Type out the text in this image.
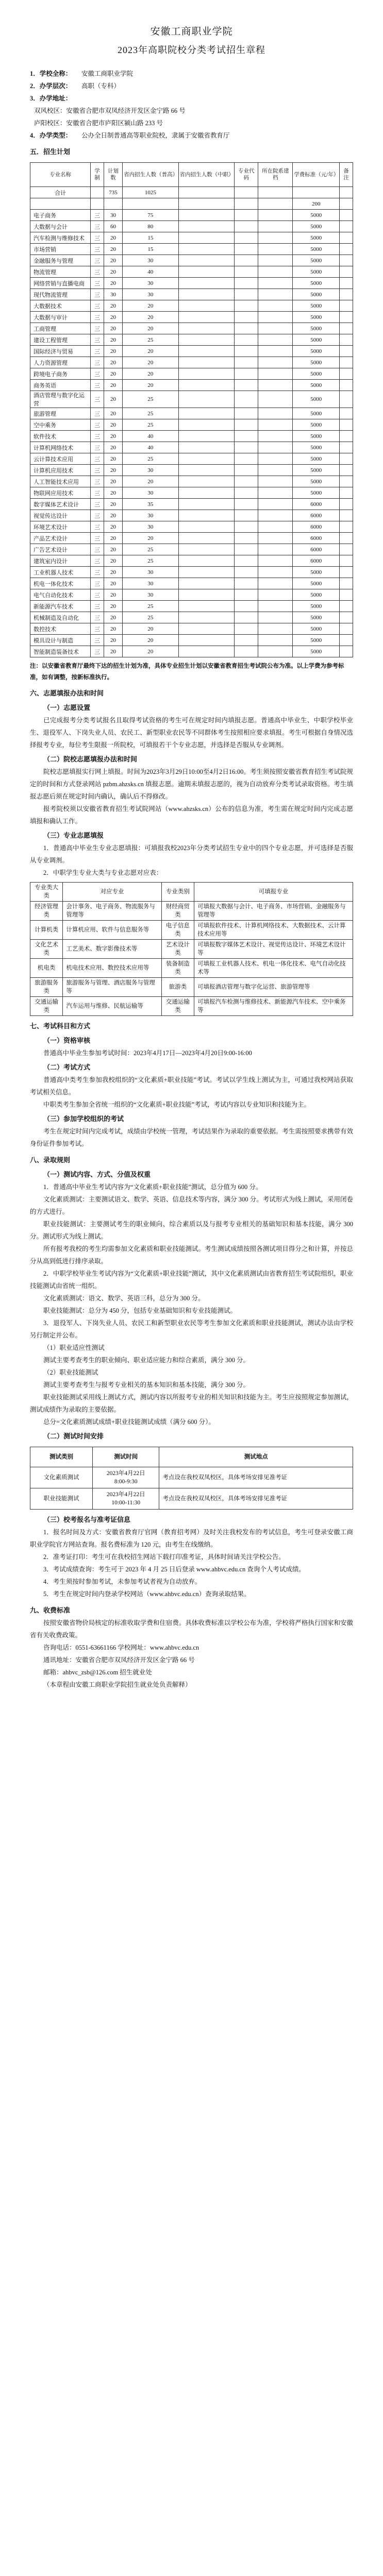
安徽工商职业学院
2023年高职院校分类考试招生章程
1．学校全称：	安徽工商职业学院
2．办学层次：	高职（专科）
3．办学地址：
双风校区：安徽省合肥市双凤经济开发区金宁路 66 号
庐阳校区：安徽省合肥市庐阳区颍山路 233 号
4．办学类型：	公办全日制普通高等职业院校，隶属于安徽省教育厅
五．招生计划
专业名称	学制	计划数	省内招生人数（普高）	省内招生人数（中职）	专业代码	所在院系建档	学费标准（元/年）	备注
合计		735	1025					
							200	
电子商务	三	30	75				5000	
大数据与会计	三	60	80				5000	
汽车检测与维修技术	三	20	15				5000	
市场营销	三	20	15				5000	
金融服务与管理	三	20	30				5000	
物流管理	三	20	40				5000	
网络营销与直播电商	三	20	30				5000	
现代物流管理	三	30	30				5000	
大数据技术	三	20	20				5000	
大数据与审计	三	20	20				5000	
工商管理	三	20	20				5000	
建设工程管理	三	20	25				5000	
国际经济与贸易	三	20	20				5000	
人力资源管理	三	20	20				5000	
跨境电子商务	三	20	20				5000	
商务英语	三	20	20				5000	
酒店管理与数字化运营	三	20	25				5000	
旅游管理	三	20	25				5000	
空中乘务	三	20	25				5000	
软件技术	三	20	40				5000	
计算机网络技术	三	20	40				5000	
云计算技术应用	三	20	25				5000	
计算机应用技术	三	20	30				5000	
人工智能技术应用	三	20	20				5000	
物联网应用技术	三	20	30				5000	
数字媒体艺术设计	三	20	35				6000	
视觉传达设计	三	20	30				6000	
环境艺术设计	三	20	30				6000	
产品艺术设计	三	20	20				6000	
广告艺术设计	三	20	25				6000	
建筑室内设计	三	20	25				6000	
工业机器人技术	三	20	30				5000	
机电一体化技术	三	20	30				5000	
电气自动化技术	三	20	30				5000	
新能源汽车技术	三	20	25				5000	
机械制造及自动化	三	20	25				5000	
数控技术	三	20	20				5000	
模具设计与制造	三	20	20				5000	
智能制造装备技术	三	20	20				5000	
注：以安徽省教育厅最终下达的招生计划为准，具体专业招生计划以安徽省教育招生考试院公布为准。以上学费为参考标准，如有调整，按新标准执行。
六、志愿填报办法和时间
（一）志愿设置

已完成报考分类考试报名且取得考试资格的考生可在规定时间内填报志愿。普通高中毕业生、中职学校毕业生、退役军人、下岗失业人员、农民工、新型职业农民等不同群体考生按照相应要求填报。考生可根据自身情况选择报考专业，每位考生限报一所院校，可填报若干个专业志愿，并选择是否服从专业调剂。

（二）院校志愿填报办法和时间

院校志愿填报实行网上填报。时间为2023年3月29日10:00至4月2日16:00。考生须按照安徽省教育招生考试院规定的时间和方式登录网站 pzbm.ahzsks.cn 填报志愿。逾期未填报志愿的，视为自动放弃分类考试录取资格。考生填报志愿后须在规定时间内确认，确认后不得修改。

报考院校须以安徽省教育招生考试院网站（www.ahzsks.cn）公布的信息为准，考生需在规定时间内完成志愿填报和确认工作。

（三）专业志愿填报

1．普通高中毕业生专业志愿填报：可填报我校2023年分类考试招生专业中的四个专业志愿，并可选择是否服从专业调剂。

2．中职学生专业大类与专业志愿对应表：

专业类大类	对应专业	专业类别	可填报专业
经济管理类	会计事务、电子商务、物流服务与管理等	财经商贸类	可填报大数据与会计、电子商务、市场营销、金融服务与管理等
计算机类	计算机应用、软件与信息服务等	电子信息类	可填报软件技术、计算机网络技术、大数据技术、云计算技术应用等
文化艺术类	工艺美术、数字影像技术等	艺术设计类	可填报数字媒体艺术设计、视觉传达设计、环境艺术设计等
机电类	机电技术应用、数控技术应用等	装备制造类	可填报工业机器人技术、机电一体化技术、电气自动化技术等
旅游服务类	旅游服务与管理、酒店服务与管理等	旅游类	可填报酒店管理与数字化运营、旅游管理等
交通运输类	汽车运用与维修、民航运输等	交通运输类	可填报汽车检测与维修技术、新能源汽车技术、空中乘务等
七、考试科目和方式
（一）资格审核

普通高中毕业生参加考试时间：2023年4月17日—2023年4月20日9:00-16:00

（二）考试方式

普通高中类考生参加我校组织的“文化素质+职业技能”考试。考试以学生线上测试为主，可通过我校网站获取考试相关信息。

中职类考生参加全省统一组织的“文化素质+职业技能”考试，考试内容以专业知识和技能为主。

（三）参加学校组织的考试

考生在规定时间内完成考试，成绩由学校统一管理，考试结果作为录取的重要依据。考生需按照要求携带有效身份证件参加考试。

八、录取规则
（一）测试内容、方式、分值及权重

1．普通高中毕业生考试内容为“文化素质+职业技能”测试，总分值为 600 分。

文化素质测试：主要测试语文、数学、英语、信息技术等内容，满分 300 分。考试形式为线上测试，采用闭卷的方式进行。

职业技能测试：主要测试考生的职业倾向、综合素质以及与报考专业相关的基础知识和基本技能，满分 300 分。测试形式为线上测试。

所有报考我校的考生均需参加文化素质和职业技能测试。考生测试成绩按照各测试项目得分之和计算，并按总分从高到低进行排序录取。

2．中职学校毕业生考试内容为“文化素质+职业技能”测试，其中文化素质测试由省教育招生考试院组织，职业技能测试由省统一组织。

文化素质测试：语文、数学、英语三科，总分为 300 分。

职业技能测试：总分为 450 分，包括专业基础知识和专业技能测试。

3．退役军人、下岗失业人员、农民工和新型职业农民等考生参加文化素质和职业技能测试，测试办法由学校另行制定并公布。

（1）职业适应性测试

测试主要考查考生的职业倾向、职业适应能力和综合素质，满分 300 分。

（2）职业技能测试

测试主要考查考生与报考专业相关的基本知识和基本技能，满分 300 分。

职业技能测试采用线上测试方式，测试内容以所报考专业的相关知识和技能为主。考生应按照规定参加测试，测试成绩作为录取的主要依据。

总分=文化素质测试成绩+职业技能测试成绩（满分 600 分）。

（二）测试时间安排
测试类别	测试时间	测试地点
文化素质测试	2023年4月22日
8:00-9:30	考点设在我校双凤校区，具体考场安排见准考证
职业技能测试	2023年4月22日
10:00-11:30	考点设在我校双凤校区，具体考场安排见准考证
（三）校考报名与准考证信息

1．报名时间及方式：安徽省教育厅官网（教育招考网）及时关注我校发布的考试信息，考生可登录安徽工商职业学院官方网站查询。报名费标准为 120 元，由考生在线缴纳。

2．准考证打印：考生可在我校招生网站下载打印准考证，具体时间请关注学校公告。

3．考试成绩查询：考生可于 2023 年 4 月 25 日后登录 www.ahbvc.edu.cn 查询个人考试成绩。

4．考生须按时参加考试，未参加考试者视为自动放弃。

5．考生在规定时间内登录学校网站（www.ahbvc.edu.cn）查询录取结果。

九、收费标准

按照安徽省物价局核定的标准收取学费和住宿费。具体收费标准以学校公布为准，学校将严格执行国家和安徽省有关收费政策。

咨询电话：0551-63661166 学校网址：www.ahbvc.edu.cn

通讯地址：安徽省合肥市双凤经济开发区金宁路 66 号

邮箱：ahbvc_zsb@126.com 招生就业处

（本章程由安徽工商职业学院招生就业处负责解释）
